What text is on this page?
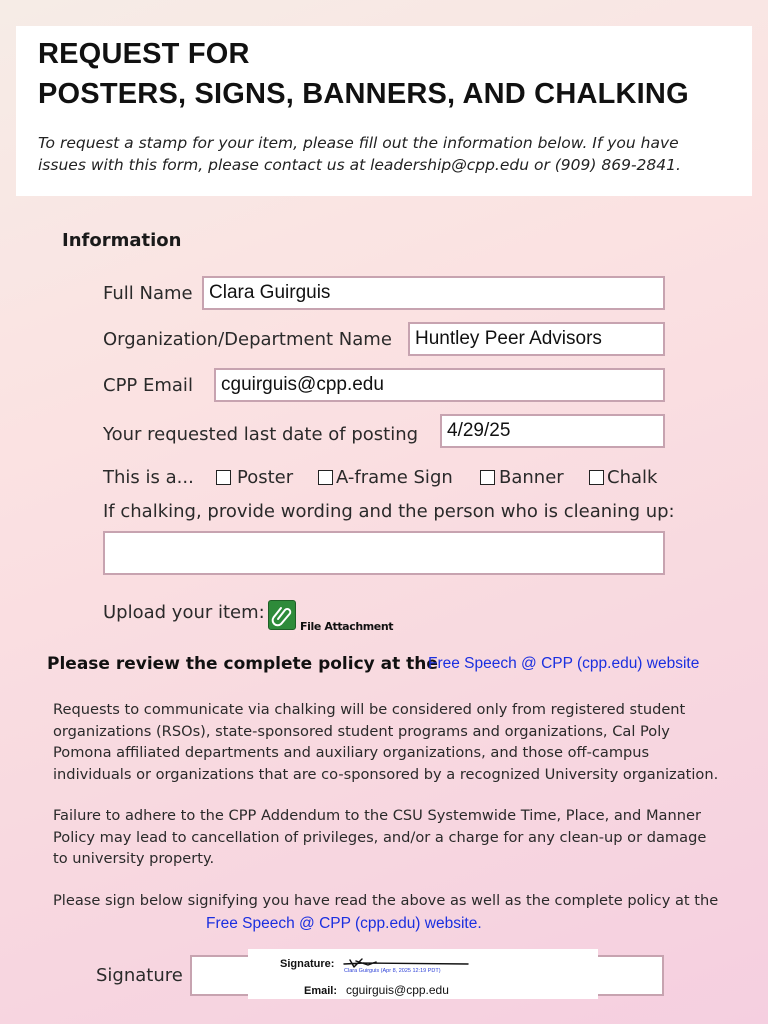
REQUEST FOR
POSTERS, SIGNS, BANNERS, AND CHALKING
To request a stamp for your item, please fill out the information below. If you have
issues with this form, please contact us at leadership@cpp.edu or (909) 869-2841.
Information
Full Name Clara Guirguis
Organization/Department Name	Huntley Peer Advisors
CPP Email	cguirguis@cpp.edu
Your requested last date of posting	4/29/25
This is a...	Poster	A-frame Sign	Banner	Chalk
If chalking, provide wording and the person who is cleaning up:
Upload your item:
File Attachment
Please review the complete policy at the
Free Speech @ CPP (cpp.edu) website
Requests to communicate via chalking will be considered only from registered student
organizations (RSOs), state-sponsored student programs and organizations, Cal Poly
Pomona affiliated departments and auxiliary organizations, and those off-campus
individuals or organizations that are co-sponsored by a recognized University organization.
Failure to adhere to the CPP Addendum to the CSU Systemwide Time, Place, and Manner
Policy may lead to cancellation of privileges, and/or a charge for any clean-up or damage
to university property.
Please sign below signifying you have read the above as well as the complete policy at the
Free Speech @ CPP (cpp.edu) website.
Signature
Signature:
Clara Guirguis (Apr 8, 2025 12:19 PDT)
Email: cguirguis@cpp.edu
